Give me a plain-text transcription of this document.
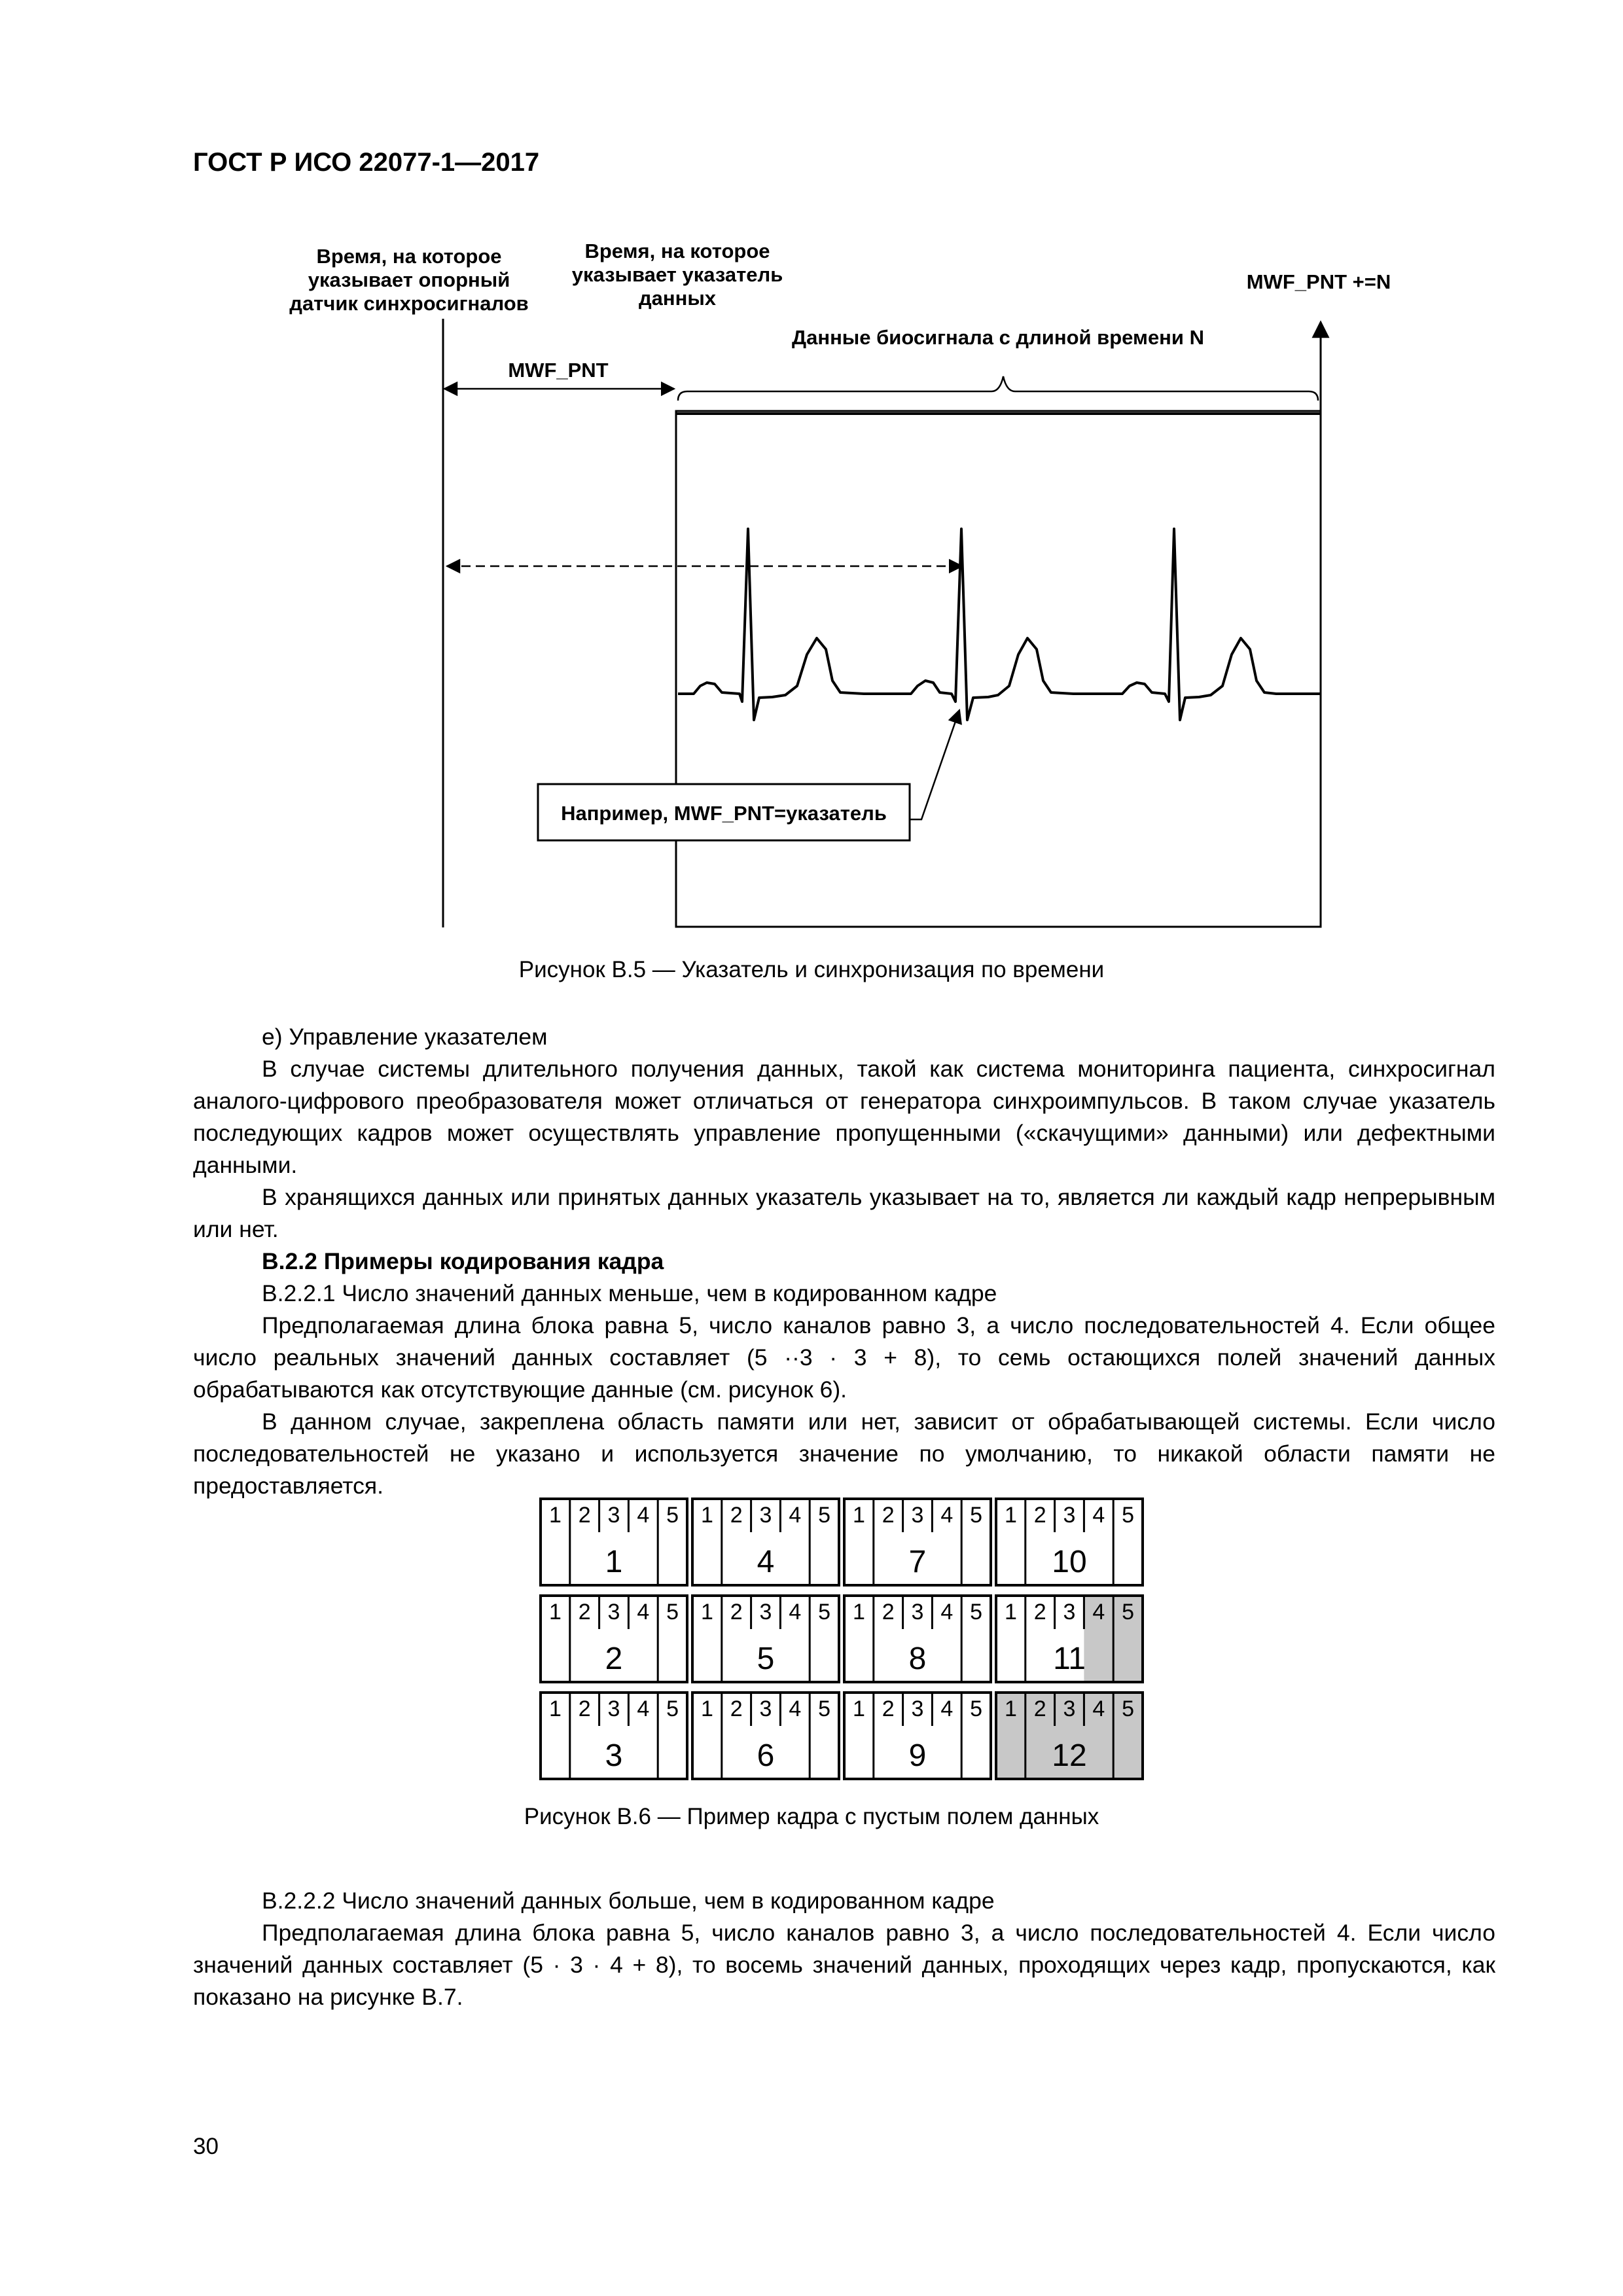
ГОСТ Р ИСО 22077-1—2017
Время, на которое
указывает опорный
датчик синхросигналов
Время, на которое
указывает указатель
данных
MWF_PNT +=N
Данные биосигнала с длиной времени N
MWF_PNT
Например, MWF_PNT=указатель
Рисунок В.5 — Указатель и синхронизация по времени

е) Управление указателем

В случае системы длительного получения данных, такой как система мониторинга пациента, синхросигнал аналого-цифрового преобразователя может отличаться от генератора синхроимпульсов. В таком случае указатель последующих кадров может осуществлять управление пропущенными («скачущими» данными) или дефектными данными.

В хранящихся данных или принятых данных указатель указывает на то, является ли каждый кадр непрерывным или нет.

В.2.2 Примеры кодирования кадра

В.2.2.1 Число значений данных меньше, чем в кодированном кадре

Предполагаемая длина блока равна 5, число каналов равно 3, а число последовательностей 4. Если общее число реальных значений данных составляет (5 ··3 · 3 + 8), то семь остающихся полей значений данных обрабатываются как отсутствующие данные (см. рисунок 6).

В данном случае, закреплена область памяти или нет, зависит от обрабатывающей системы. Если число последовательностей не указано и используется значение по умолчанию, то никакой области памяти не предоставляется.

1 2 3 4 5
1
1 2 3 4 5
4
1 2 3 4 5
7
1 2 3 4 5
10
1 2 3 4 5
2
1 2 3 4 5
5
1 2 3 4 5
8
1 2 3 4 5
11
1 2 3 4 5
3
1 2 3 4 5
6
1 2 3 4 5
9
1 2 3 4 5
12
Рисунок В.6 — Пример кадра с пустым полем данных

В.2.2.2 Число значений данных больше, чем в кодированном кадре

Предполагаемая длина блока равна 5, число каналов равно 3, а число последовательностей 4. Если число значений данных составляет (5 · 3 · 4 + 8), то восемь значений данных, проходящих через кадр, пропускаются, как показано на рисунке В.7.

30
